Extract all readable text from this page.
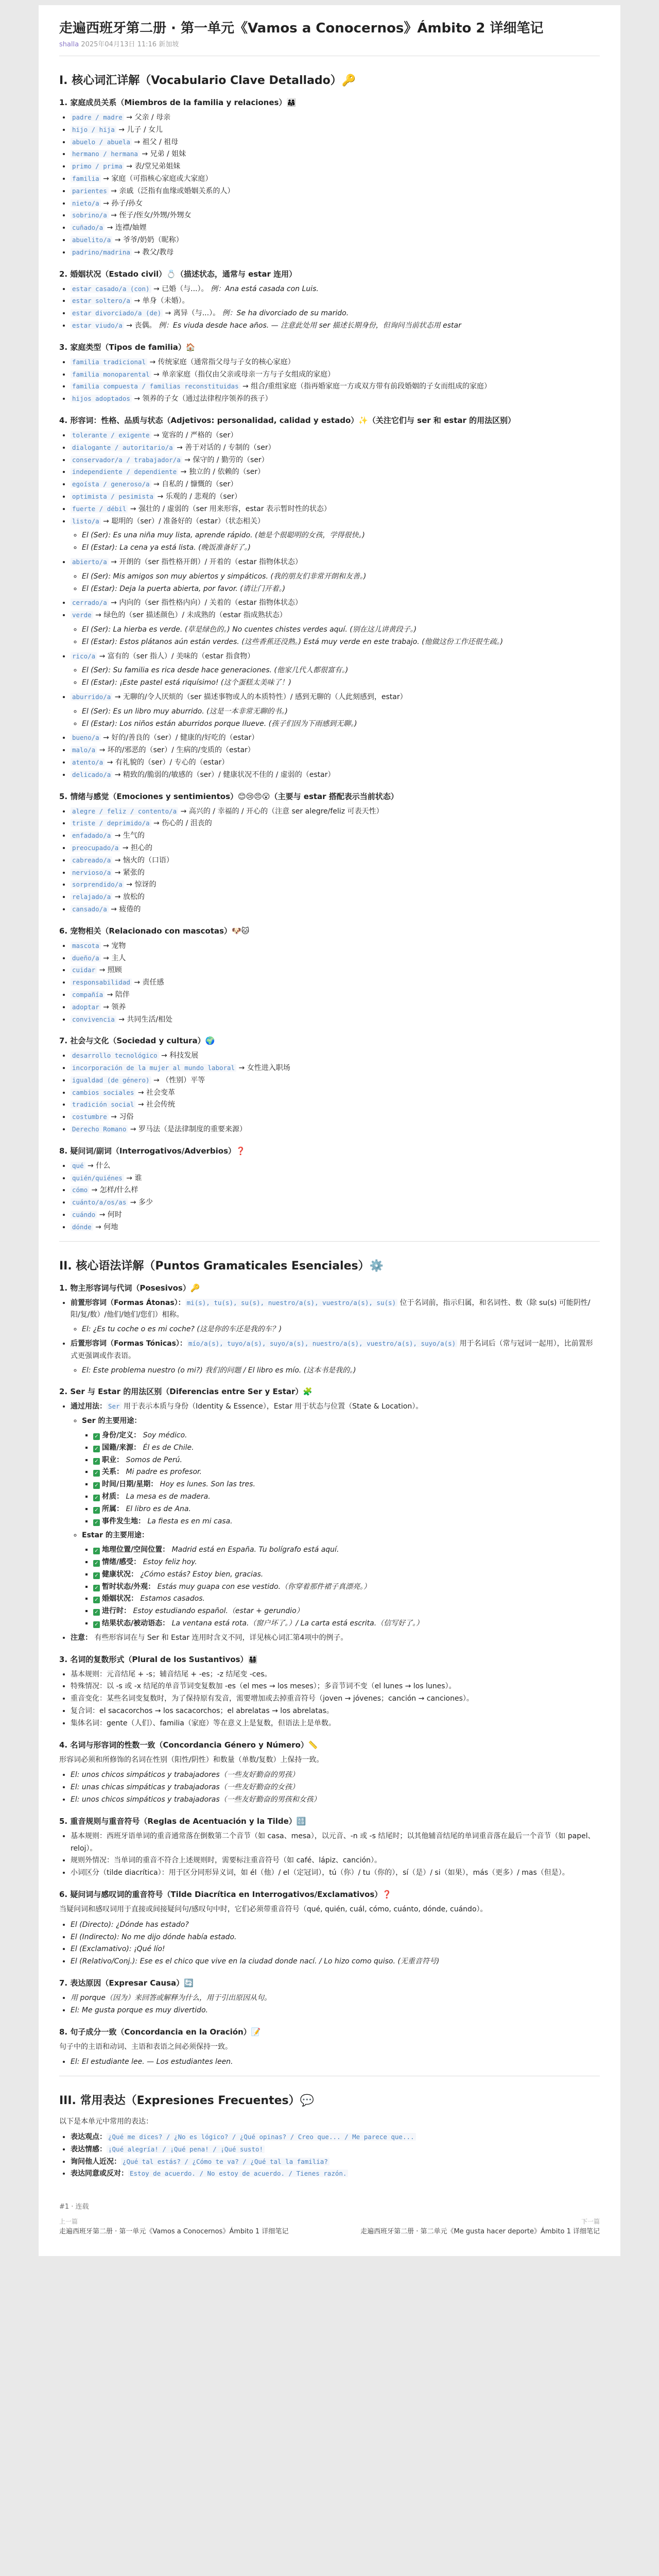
走遍西班牙第二册 · 第一单元《Vamos a Conocernos》Ámbito 2 详细笔记
shalla 2025年04月13日 11:16 新加坡
I. 核心词汇详解（Vocabulario Clave Detallado）🔑
1. 家庭成员关系（Miembros de la familia y relaciones）👨‍👩‍👧
• padre / madre → 父亲 / 母亲
• hijo / hija → 儿子 / 女儿
• abuelo / abuela → 祖父 / 祖母
• hermano / hermana → 兄弟 / 姐妹
• primo / prima → 表/堂兄弟姐妹
• familia → 家庭（可指核心家庭或大家庭）
• parientes → 亲戚（泛指有血缘或婚姻关系的人）
• nieto/a → 孙子/孙女
• sobrino/a → 侄子/侄女/外甥/外甥女
• cuñado/a → 连襟/妯娌
• abuelito/a → 爷爷/奶奶（昵称）
• padrino/madrina → 教父/教母
2. 婚姻状况（Estado civil）💍（描述状态，通常与 estar 连用）
• estar casado/a (con) → 已婚（与...）。 例：Ana está casada con Luis.
• estar soltero/a → 单身（未婚）。
• estar divorciado/a (de) → 离异（与...）。 例：Se ha divorciado de su marido.
• estar viudo/a → 丧偶。 例：Es viuda desde hace años. — 注意此处用 ser 描述长期身份，但询问当前状态用 estar
3. 家庭类型（Tipos de familia）🏠
• familia tradicional → 传统家庭（通常指父母与子女的核心家庭）
• familia monoparental → 单亲家庭（指仅由父亲或母亲一方与子女组成的家庭）
• familia compuesta / familias reconstituidas → 组合/重组家庭（指再婚家庭一方或双方带有前段婚姻的子女而组成的家庭）
• hijos adoptados → 领养的子女（通过法律程序领养的孩子）
4. 形容词：性格、品质与状态（Adjetivos: personalidad, calidad y estado）✨（关注它们与 ser 和 estar 的用法区别）
• tolerante / exigente → 宽容的 / 严格的（ser）
• dialogante / autoritario/a → 善于对话的 / 专制的（ser）
• conservador/a / trabajador/a → 保守的 / 勤劳的（ser）
• independiente / dependiente → 独立的 / 依赖的（ser）
• egoísta / generoso/a → 自私的 / 慷慨的（ser）
• optimista / pesimista → 乐观的 / 悲观的（ser）
• fuerte / débil → 强壮的 / 虚弱的（ser 用来形容，estar 表示暂时性的状态）
• listo/a → 聪明的（ser）/ 准备好的（estar）（状态相关）
◦ El (Ser): Es una niña muy lista, aprende rápido. (她是个很聪明的女孩，学得很快。)
◦ El (Estar): La cena ya está lista. (晚饭准备好了。)
• abierto/a → 开朗的（ser 指性格开朗）/ 开着的（estar 指物体状态）
◦ El (Ser): Mis amigos son muy abiertos y simpáticos. (我的朋友们非常开朗和友善。)
◦ El (Estar): Deja la puerta abierta, por favor. (请让门开着。)
• cerrado/a → 内向的（ser 指性格内向）/ 关着的（estar 指物体状态）
• verde → 绿色的（ser 描述颜色）/ 未成熟的（estar 指成熟状态）
◦ El (Ser): La hierba es verde. (草是绿色的。) No cuentes chistes verdes aquí. (别在这儿讲黄段子。)
◦ El (Estar): Estos plátanos aún están verdes. (这些香蕉还没熟。) Está muy verde en este trabajo. (他做这份工作还很生疏。)
• rico/a → 富有的（ser 指人）/ 美味的（estar 指食物）
◦ El (Ser): Su familia es rica desde hace generaciones. (他家几代人都很富有。)
◦ El (Estar): ¡Este pastel está riquísimo! (这个蛋糕太美味了！)
• aburrido/a → 无聊的/令人厌烦的（ser 描述事物或人的本质特性）/ 感到无聊的（人此刻感到，estar）
◦ El (Ser): Es un libro muy aburrido. (这是一本非常无聊的书。)
◦ El (Estar): Los niños están aburridos porque llueve. (孩子们因为下雨感到无聊。)
• bueno/a → 好的/善良的（ser）/ 健康的/好吃的（estar）
• malo/a → 坏的/邪恶的（ser）/ 生病的/变质的（estar）
• atento/a → 有礼貌的（ser）/ 专心的（estar）
• delicado/a → 精致的/脆弱的/敏感的（ser）/ 健康状况不佳的 / 虚弱的（estar）
5. 情绪与感觉（Emociones y sentimientos）😊😢😠😮（主要与 estar 搭配表示当前状态）
• alegre / feliz / contento/a → 高兴的 / 幸福的 / 开心的（注意 ser alegre/feliz 可表天性）
• triste / deprimido/a → 伤心的 / 沮丧的
• enfadado/a → 生气的
• preocupado/a → 担心的
• cabreado/a → 恼火的（口语）
• nervioso/a → 紧张的
• sorprendido/a → 惊讶的
• relajado/a → 放松的
• cansado/a → 疲倦的
6. 宠物相关（Relacionado con mascotas）🐶🐱
• mascota → 宠物
• dueño/a → 主人
• cuidar → 照顾
• responsabilidad → 责任感
• compañía → 陪伴
• adoptar → 领养
• convivencia → 共同生活/相处
7. 社会与文化（Sociedad y cultura）🌍
• desarrollo tecnológico → 科技发展
• incorporación de la mujer al mundo laboral → 女性进入职场
• igualdad (de género) → （性别）平等
• cambios sociales → 社会变革
• tradición social → 社会传统
• costumbre → 习俗
• Derecho Romano → 罗马法（是法律制度的重要来源）
8. 疑问词/副词（Interrogativos/Adverbios）❓
• qué → 什么
• quién/quiénes → 谁
• cómo → 怎样/什么样
• cuánto/a/os/as → 多少
• cuándo → 何时
• dónde → 何地
II. 核心语法详解（Puntos Gramaticales Esenciales）⚙️
1. 物主形容词与代词（Posesivos）🔑
• 前置形容词（Formas Átonas）： mi(s), tu(s), su(s), nuestro/a(s), vuestro/a(s), su(s) 位于名词前，指示归属，和名词性、数（除 su(s) 可能阴性/阳/复/数）/他们/她们/您们）相称。
◦ El: ¿Es tu coche o es mi coche? (这是你的车还是我的车？)
• 后置形容词（Formas Tónicas）： mío/a(s), tuyo/a(s), suyo/a(s), nuestro/a(s), vuestro/a(s), suyo/a(s) 用于名词后（常与冠词一起用），比前置形式更强调或作表语。
◦ El: Este problema nuestro (o mi?) 我们的问题 / El libro es mío. (这本书是我的。)
2. Ser 与 Estar 的用法区别（Diferencias entre Ser y Estar）🧩
• 通过用法： Ser 用于表示本质与身份（Identity & Essence），Estar 用于状态与位置（State & Location）。
◦ Ser 的主要用途：
▪ ✓ 身份/定义： Soy médico.
▪ ✓ 国籍/来源： Él es de Chile.
▪ ✓ 职业： Somos de Perú.
▪ ✓ 关系： Mi padre es profesor.
▪ ✓ 时间/日期/星期： Hoy es lunes. Son las tres.
▪ ✓ 材质： La mesa es de madera.
▪ ✓ 所属： El libro es de Ana.
▪ ✓ 事件发生地： La fiesta es en mi casa.
◦ Estar 的主要用途：
▪ ✓ 地理位置/空间位置： Madrid está en España. Tu bolígrafo está aquí.
▪ ✓ 情绪/感受： Estoy feliz hoy.
▪ ✓ 健康状况： ¿Cómo estás? Estoy bien, gracias.
▪ ✓ 暂时状态/外观： Estás muy guapa con ese vestido.（你穿着那件裙子真漂亮。）
▪ ✓ 婚姻状况： Estamos casados.
▪ ✓ 进行时： Estoy estudiando español.（estar + gerundio）
▪ ✓ 结果状态/被动语态： La ventana está rota.（窗户坏了。）/ La carta está escrita.（信写好了。）
• 注意： 有些形容词在与 Ser 和 Estar 连用时含义不同，详见核心词汇第4项中的例子。
3. 名词的复数形式（Plural de los Sustantivos）👨‍👩‍👧‍👦
• 基本规则：元音结尾 + -s；辅音结尾 + -es；-z 结尾变 -ces。
• 特殊情况：以 -s 或 -x 结尾的单音节词变复数加 -es（el mes → los meses）；多音节词不变（el lunes → los lunes）。
• 重音变化：某些名词变复数时，为了保持原有发音，需要增加或去掉重音符号（joven → jóvenes；canción → canciones）。
• 复合词：el sacacorchos → los sacacorchos；el abrelatas → los abrelatas。
• 集体名词：gente（人们）、familia（家庭）等在意义上是复数，但语法上是单数。
4. 名词与形容词的性数一致（Concordancia Género y Número）📏

形容词必须和所修饰的名词在性别（阳性/阴性）和数量（单数/复数）上保持一致。

• El: unos chicos simpáticos y trabajadores（一些友好勤奋的男孩）
• El: unas chicas simpáticas y trabajadoras（一些友好勤奋的女孩）
• El: unos chicos simpáticos y trabajadoras（一些友好勤奋的男孩和女孩）
5. 重音规则与重音符号（Reglas de Acentuación y la Tilde）🔠
• 基本规则：西班牙语单词的重音通常落在倒数第二个音节（如 casa、mesa），以元音、-n 或 -s 结尾时；以其他辅音结尾的单词重音落在最后一个音节（如 papel、reloj）。
• 规则外情况：当单词的重音不符合上述规则时，需要标注重音符号（如 café、lápiz、canción）。
• 小词区分（tilde diacrítica）：用于区分同形异义词，如 él（他）/ el（定冠词），tú（你）/ tu（你的），sí（是）/ si（如果），más（更多）/ mas（但是）。
6. 疑问词与感叹词的重音符号（Tilde Diacrítica en Interrogativos/Exclamativos）❓

当疑问词和感叹词用于直接或间接疑问句/感叹句中时，它们必须带重音符号（qué, quién, cuál, cómo, cuánto, dónde, cuándo）。

• El (Directo): ¿Dónde has estado?
• El (Indirecto): No me dijo dónde había estado.
• El (Exclamativo): ¡Qué lío!
• El (Relativo/Conj.): Ese es el chico que vive en la ciudad donde nací. / Lo hizo como quiso. (无重音符号)
7. 表达原因（Expresar Causa）🔄
• 用 porque（因为）来回答或解释为什么，用于引出原因从句。
• El: Me gusta porque es muy divertido.
8. 句子成分一致（Concordancia en la Oración）📝

句子中的主语和动词、主语和表语之间必须保持一致。

• El: El estudiante lee. — Los estudiantes leen.
III. 常用表达（Expresiones Frecuentes）💬

以下是本单元中常用的表达：

• 表达观点： ¿Qué me dices? / ¿No es lógico? / ¿Qué opinas? / Creo que... / Me parece que...
• 表达情感： ¡Qué alegría! / ¡Qué pena! / ¡Qué susto!
• 询问他人近况： ¿Qué tal estás? / ¿Cómo te va? / ¿Qué tal la familia?
• 表达同意或反对： Estoy de acuerdo. / No estoy de acuerdo. / Tienes razón.
#1 · 连载
上一篇
走遍西班牙第二册 · 第一单元《Vamos a Conocernos》Ámbito 1 详细笔记
下一篇
走遍西班牙第二册 · 第二单元《Me gusta hacer deporte》Ámbito 1 详细笔记
